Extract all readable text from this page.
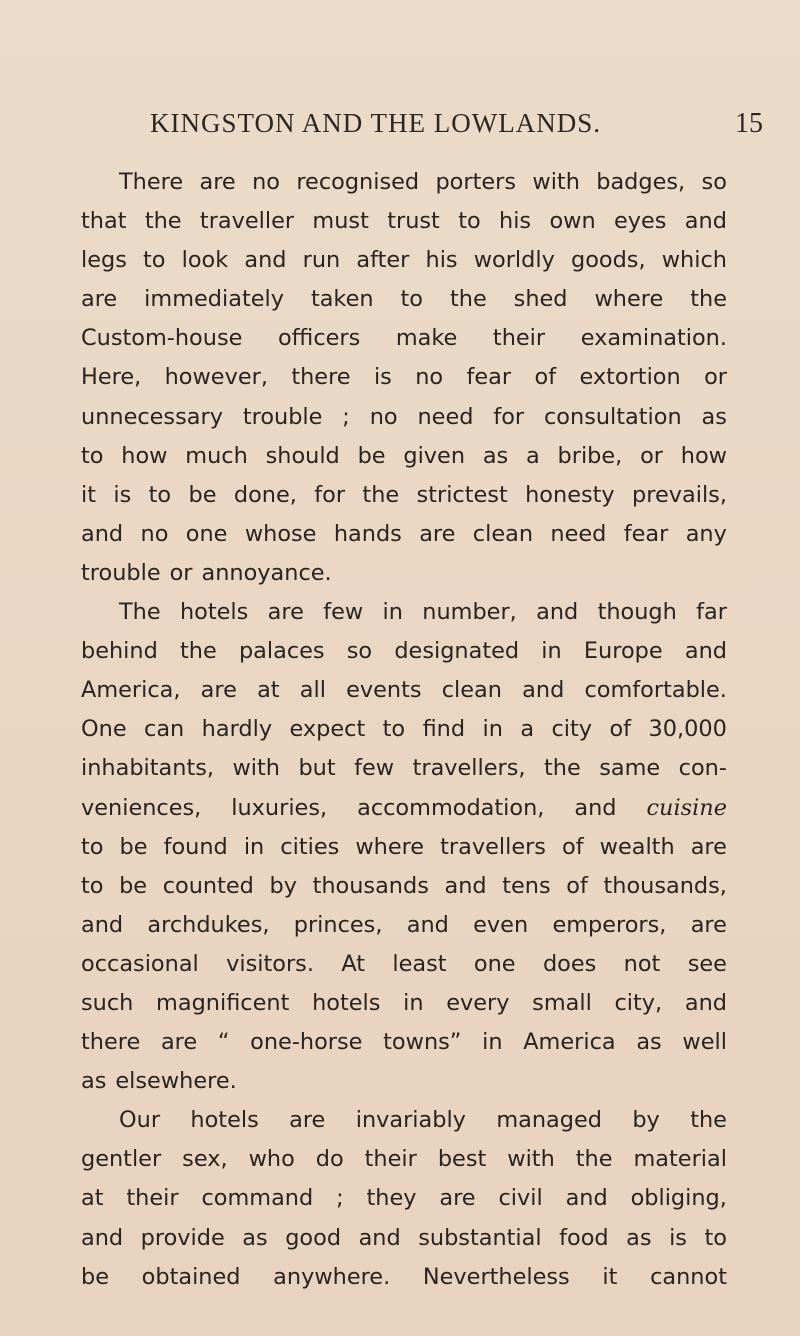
KINGSTON AND THE LOWLANDS.	15
There are no recognised porters with badges, so
that the traveller must trust to his own eyes and
legs to look and run after his worldly goods, which
are immediately taken to the shed where the
Custom-house officers make their examination.
Here, however, there is no fear of extortion or
unnecessary trouble ; no need for consultation as
to how much should be given as a bribe, or how
it is to be done, for the strictest honesty prevails,
and no one whose hands are clean need fear any
trouble or annoyance.
The hotels are few in number, and though far
behind the palaces so designated in Europe and
America, are at all events clean and comfortable.
One can hardly expect to find in a city of 30,000
inhabitants, with but few travellers, the same con-
veniences, luxuries, accommodation, and cuisine
to be found in cities where travellers of wealth are
to be counted by thousands and tens of thousands,
and archdukes, princes, and even emperors, are
occasional visitors. At least one does not see
such magnificent hotels in every small city, and
there are “ one-horse towns” in America as well
as elsewhere.
Our hotels are invariably managed by the
gentler sex, who do their best with the material
at their command ; they are civil and obliging,
and provide as good and substantial food as is to
be obtained anywhere. Nevertheless it cannot
